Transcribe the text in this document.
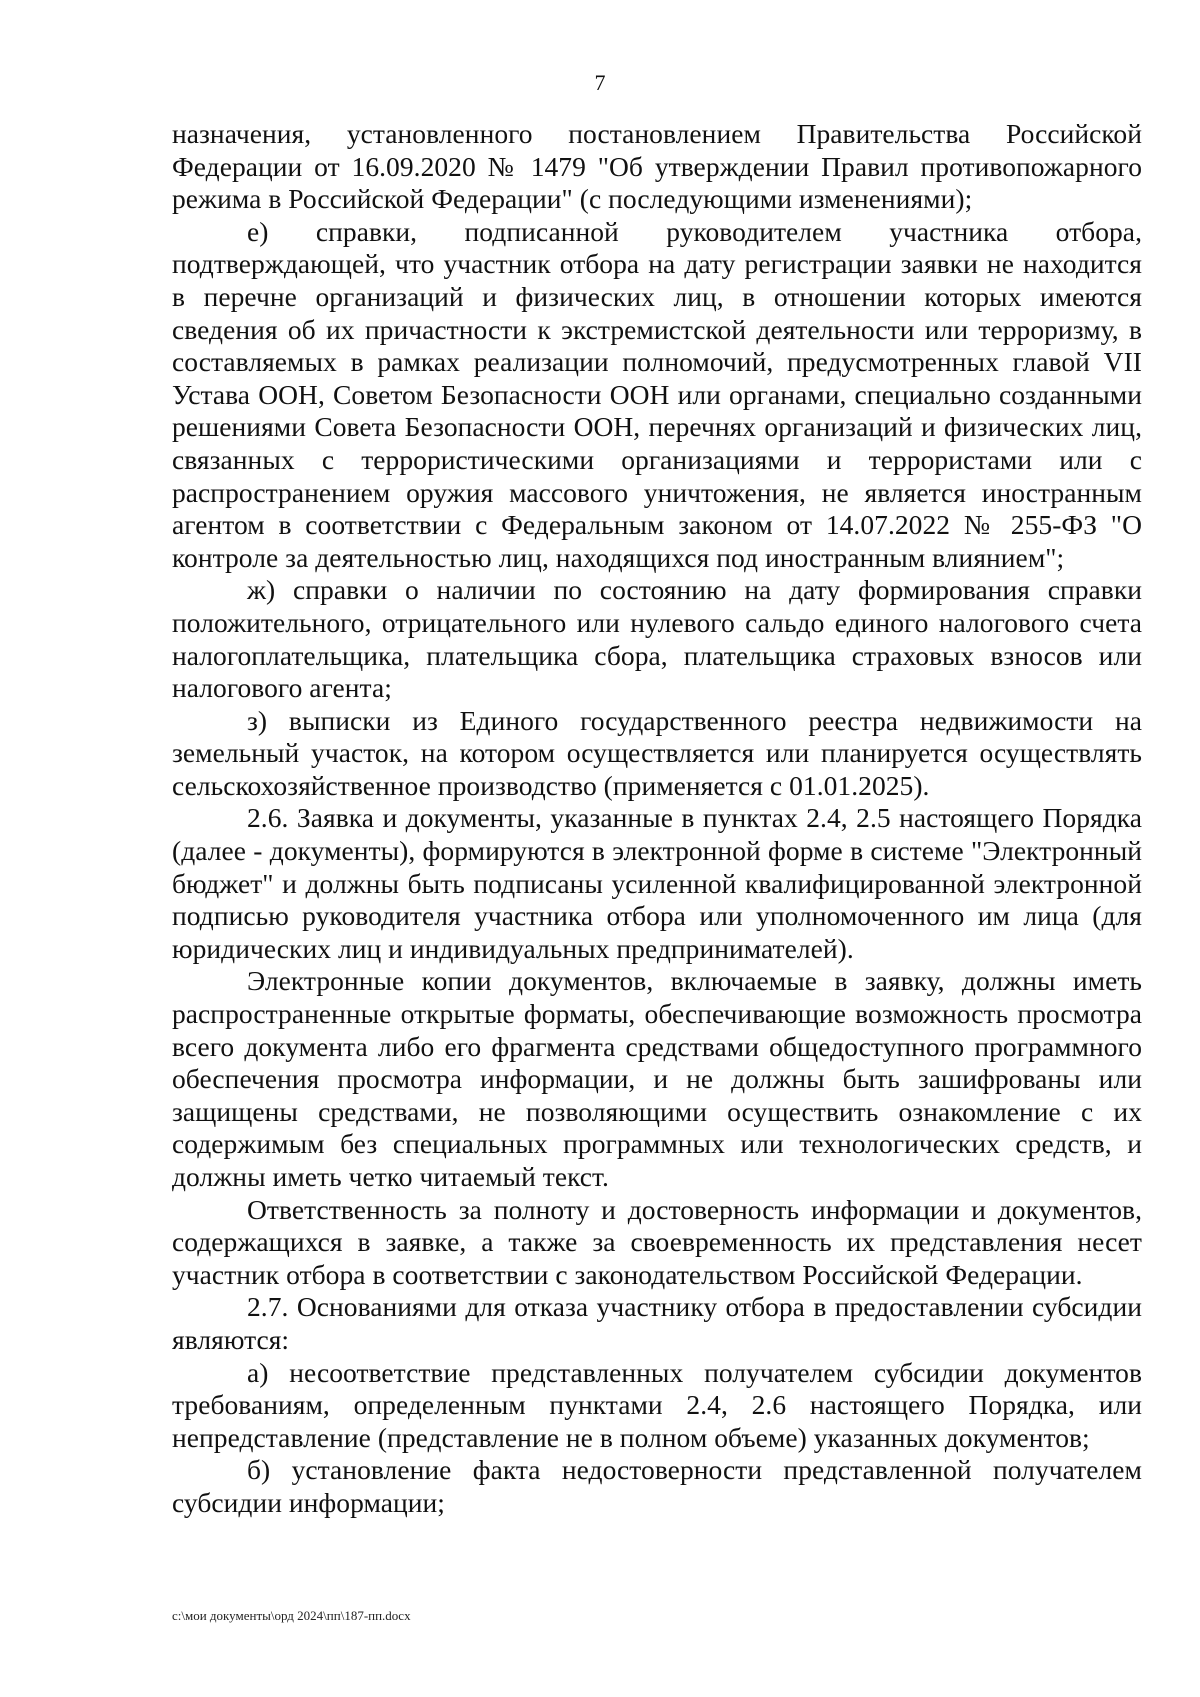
7

назначения, установленного постановлением Правительства Российской Федерации от 16.09.2020 № 1479 "Об утверждении Правил противопожарного режима в Российской Федерации" (с последующими изменениями);

е) справки, подписанной руководителем участника отбора, подтверждающей, что участник отбора на дату регистрации заявки не находится в перечне организаций и физических лиц, в отношении которых имеются сведения об их причастности к экстремистской деятельности или терроризму, в составляемых в рамках реализации полномочий, предусмотренных главой VII Устава ООН, Советом Безопасности ООН или органами, специально созданными решениями Совета Безопасности ООН, перечнях организаций и физических лиц, связанных с террористическими организациями и террористами или с распространением оружия массового уничтожения, не является иностранным агентом в соответствии с Федеральным законом от 14.07.2022 № 255-ФЗ "О контроле за деятельностью лиц, находящихся под иностранным влиянием";

ж) справки о наличии по состоянию на дату формирования справки положительного, отрицательного или нулевого сальдо единого налогового счета налогоплательщика, плательщика сбора, плательщика страховых взносов или налогового агента;

з) выписки из Единого государственного реестра недвижимости на земельный участок, на котором осуществляется или планируется осуществлять сельскохозяйственное производство (применяется с 01.01.2025).

2.6. Заявка и документы, указанные в пунктах 2.4, 2.5 настоящего Порядка (далее - документы), формируются в электронной форме в системе "Электронный бюджет" и должны быть подписаны усиленной квалифицированной электронной подписью руководителя участника отбора или уполномоченного им лица (для юридических лиц и индивидуальных предпринимателей).

Электронные копии документов, включаемые в заявку, должны иметь распространенные открытые форматы, обеспечивающие возможность просмотра всего документа либо его фрагмента средствами общедоступного программного обеспечения просмотра информации, и не должны быть зашифрованы или защищены средствами, не позволяющими осуществить ознакомление с их содержимым без специальных программных или технологических средств, и должны иметь четко читаемый текст.

Ответственность за полноту и достоверность информации и документов, содержащихся в заявке, а также за своевременность их представления несет участник отбора в соответствии с законодательством Российской Федерации.

2.7. Основаниями для отказа участнику отбора в предоставлении субсидии являются:

а) несоответствие представленных получателем субсидии документов требованиям, определенным пунктами 2.4, 2.6 настоящего Порядка, или непредставление (представление не в полном объеме) указанных документов;

б) установление факта недостоверности представленной получателем субсидии информации;

c:\мои документы\орд 2024\пп\187-пп.docx
